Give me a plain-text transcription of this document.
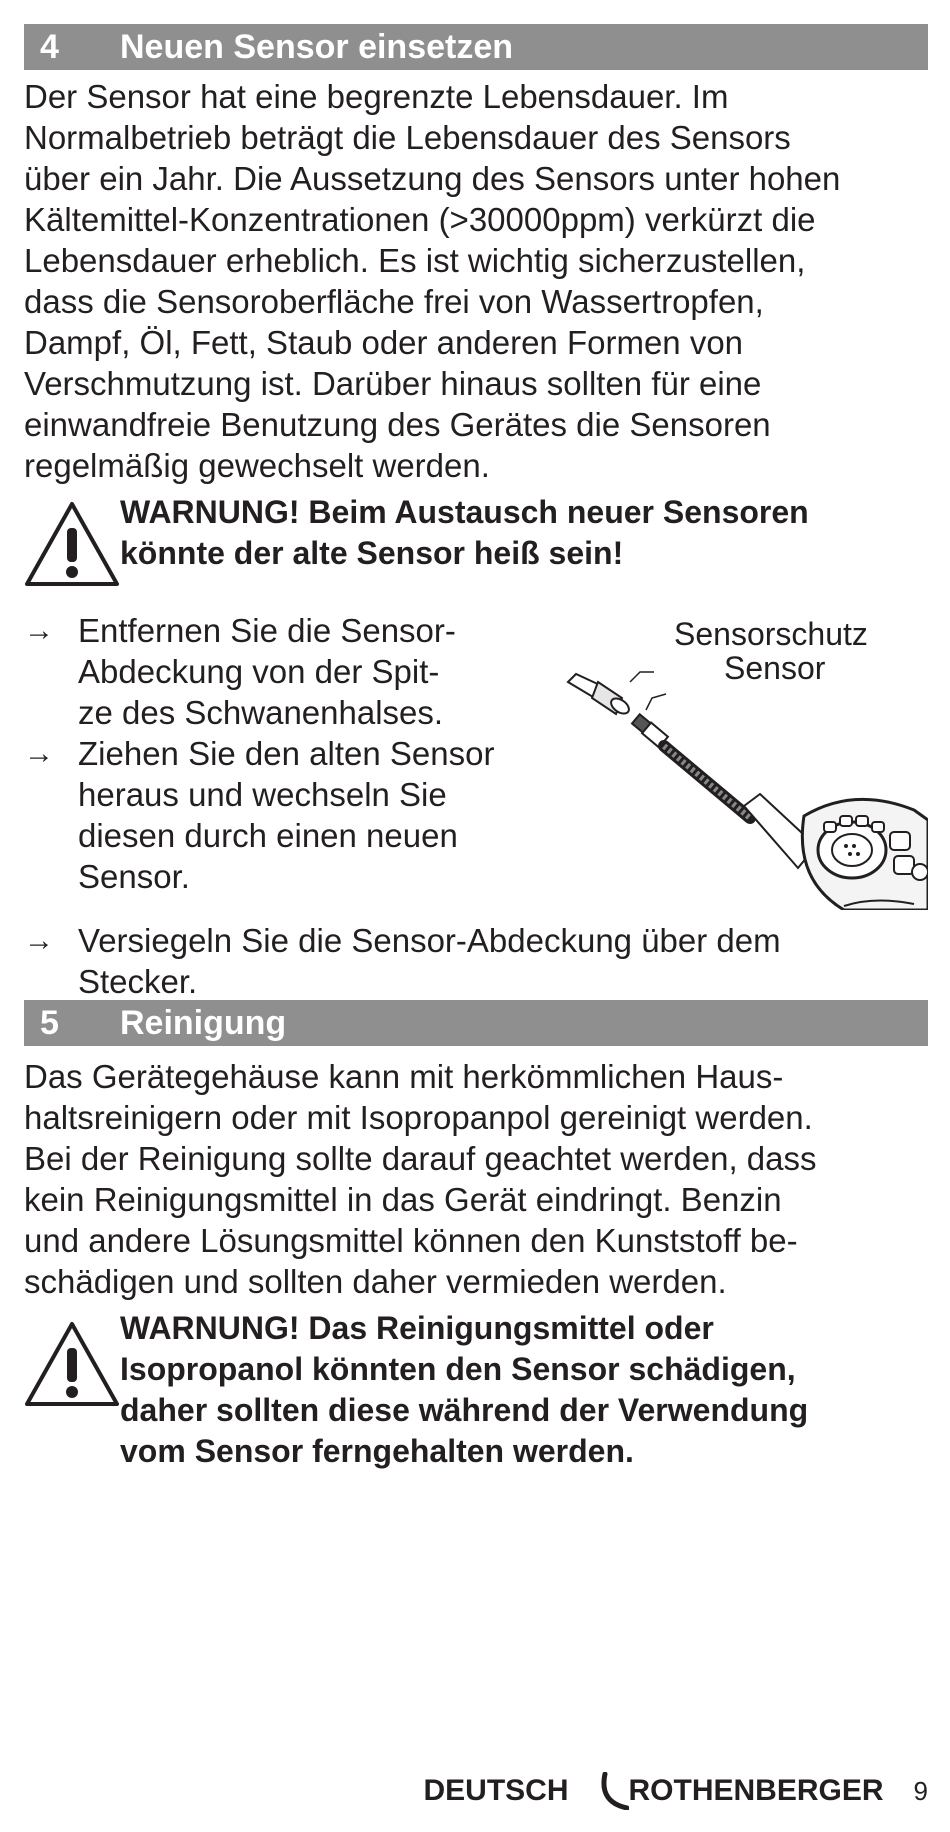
4	Neuen Sensor einsetzen
Der Sensor hat eine begrenzte Lebensdauer. Im
Normalbetrieb beträgt die Lebensdauer des Sensors
über ein Jahr. Die Aussetzung des Sensors unter hohen
Kältemittel-Konzentrationen (>30000ppm) verkürzt die
Lebensdauer erheblich. Es ist wichtig sicherzustellen,
dass die Sensoroberfläche frei von Wassertropfen,
Dampf, Öl, Fett, Staub oder anderen Formen von
Verschmutzung ist. Darüber hinaus sollten für eine
einwandfreie Benutzung des Gerätes die Sensoren
regelmäßig gewechselt werden.
WARNUNG! Beim Austausch neuer Sensoren
könnte der alte Sensor heiß sein!
→ Entfernen Sie die Sensor-
Abdeckung von der Spit-
ze des Schwanenhalses.
→ Ziehen Sie den alten Sensor
heraus und wechseln Sie
diesen durch einen neuen
Sensor.
Sensorschutz
Sensor
→ Versiegeln Sie die Sensor-Abdeckung über dem
Stecker.
5	Reinigung
Das Gerätegehäuse kann mit herkömmlichen Haus-
haltsreinigern oder mit Isopropanpol gereinigt werden.
Bei der Reinigung sollte darauf geachtet werden, dass
kein Reinigungsmittel in das Gerät eindringt. Benzin
und andere Lösungsmittel können den Kunststoff be-
schädigen und sollten daher vermieden werden.
WARNUNG! Das Reinigungsmittel oder
Isopropanol könnten den Sensor schädigen,
daher sollten diese während der Verwendung
vom Sensor ferngehalten werden.
DEUTSCH ROTHENBERGER 9
